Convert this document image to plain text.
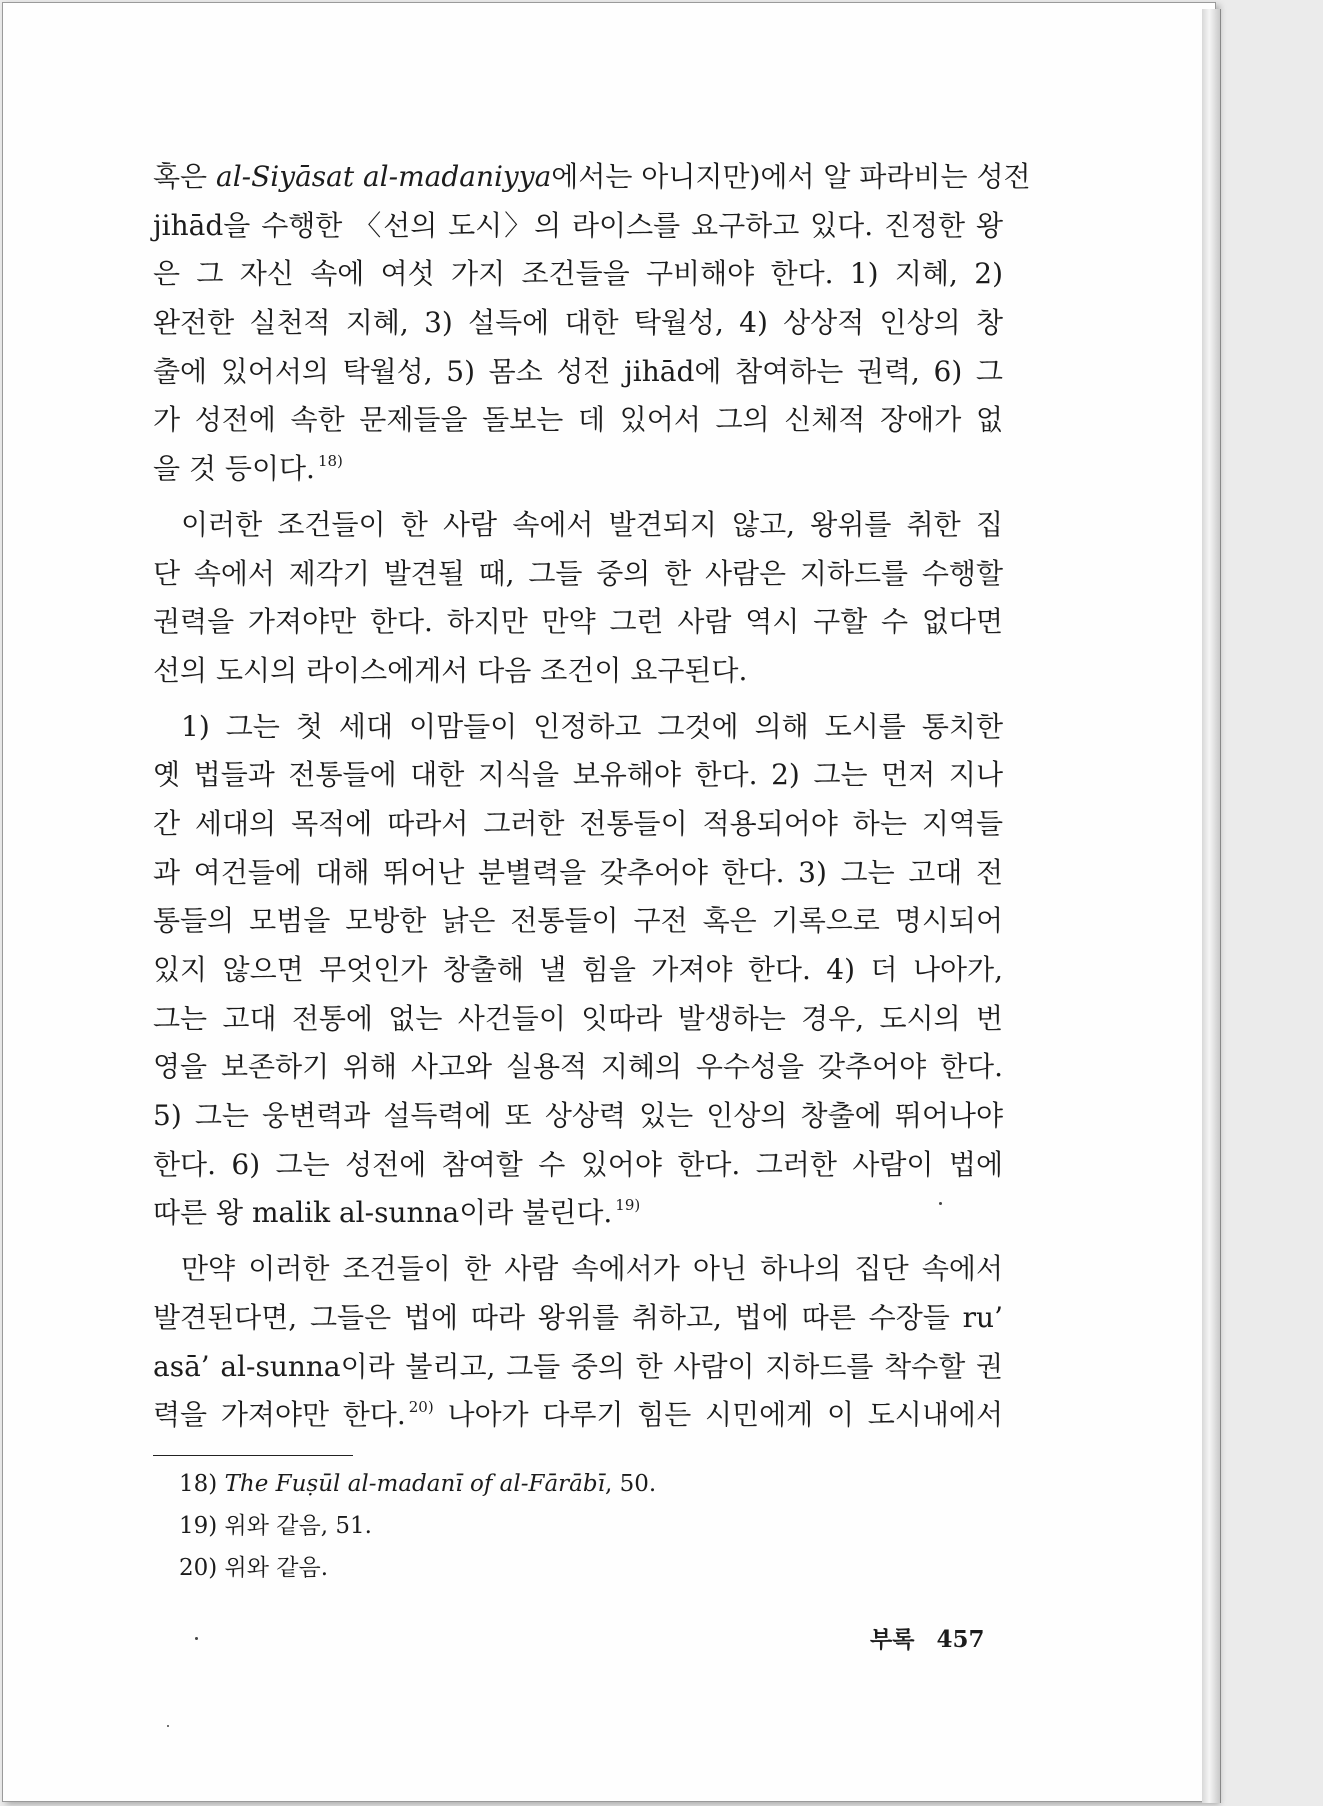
혹은 al-Siyāsat al-madaniyya에서는 아니지만)에서 알 파라비는 성전
jihād을 수행한 〈선의 도시〉의 라이스를 요구하고 있다. 진정한 왕
은 그 자신 속에 여섯 가지 조건들을 구비해야 한다. 1) 지혜, 2)
완전한 실천적 지혜, 3) 설득에 대한 탁월성, 4) 상상적 인상의 창
출에 있어서의 탁월성, 5) 몸소 성전 jihād에 참여하는 권력, 6) 그
가 성전에 속한 문제들을 돌보는 데 있어서 그의 신체적 장애가 없
을 것 등이다. $^{18)}$
이러한 조건들이 한 사람 속에서 발견되지 않고, 왕위를 취한 집
단 속에서 제각기 발견될 때, 그들 중의 한 사람은 지하드를 수행할
권력을 가져야만 한다. 하지만 만약 그런 사람 역시 구할 수 없다면
선의 도시의 라이스에게서 다음 조건이 요구된다.
1) 그는 첫 세대 이맘들이 인정하고 그것에 의해 도시를 통치한
옛 법들과 전통들에 대한 지식을 보유해야 한다. 2) 그는 먼저 지나
간 세대의 목적에 따라서 그러한 전통들이 적용되어야 하는 지역들
과 여건들에 대해 뛰어난 분별력을 갖추어야 한다. 3) 그는 고대 전
통들의 모범을 모방한 낡은 전통들이 구전 혹은 기록으로 명시되어
있지 않으면 무엇인가 창출해 낼 힘을 가져야 한다. 4) 더 나아가,
그는 고대 전통에 없는 사건들이 잇따라 발생하는 경우, 도시의 번
영을 보존하기 위해 사고와 실용적 지혜의 우수성을 갖추어야 한다.
5) 그는 웅변력과 설득력에 또 상상력 있는 인상의 창출에 뛰어나야
한다. 6) 그는 성전에 참여할 수 있어야 한다. 그러한 사람이 법에
따른 왕 malik al-sunna이라 불린다. $^{19)}$
만약 이러한 조건들이 한 사람 속에서가 아닌 하나의 집단 속에서
발견된다면, 그들은 법에 따라 왕위를 취하고, 법에 따른 수장들 ru’
asā’ al-sunna이라 불리고, 그들 중의 한 사람이 지하드를 착수할 권
력을 가져야만 한다. $^{20)}$ 나아가 다루기 힘든 시민에게 이 도시내에서
18) The Fuṣūl al-madanī of al-Fārābī, 50.
19) 위와 같음, 51.
20) 위와 같음.
부록 457
